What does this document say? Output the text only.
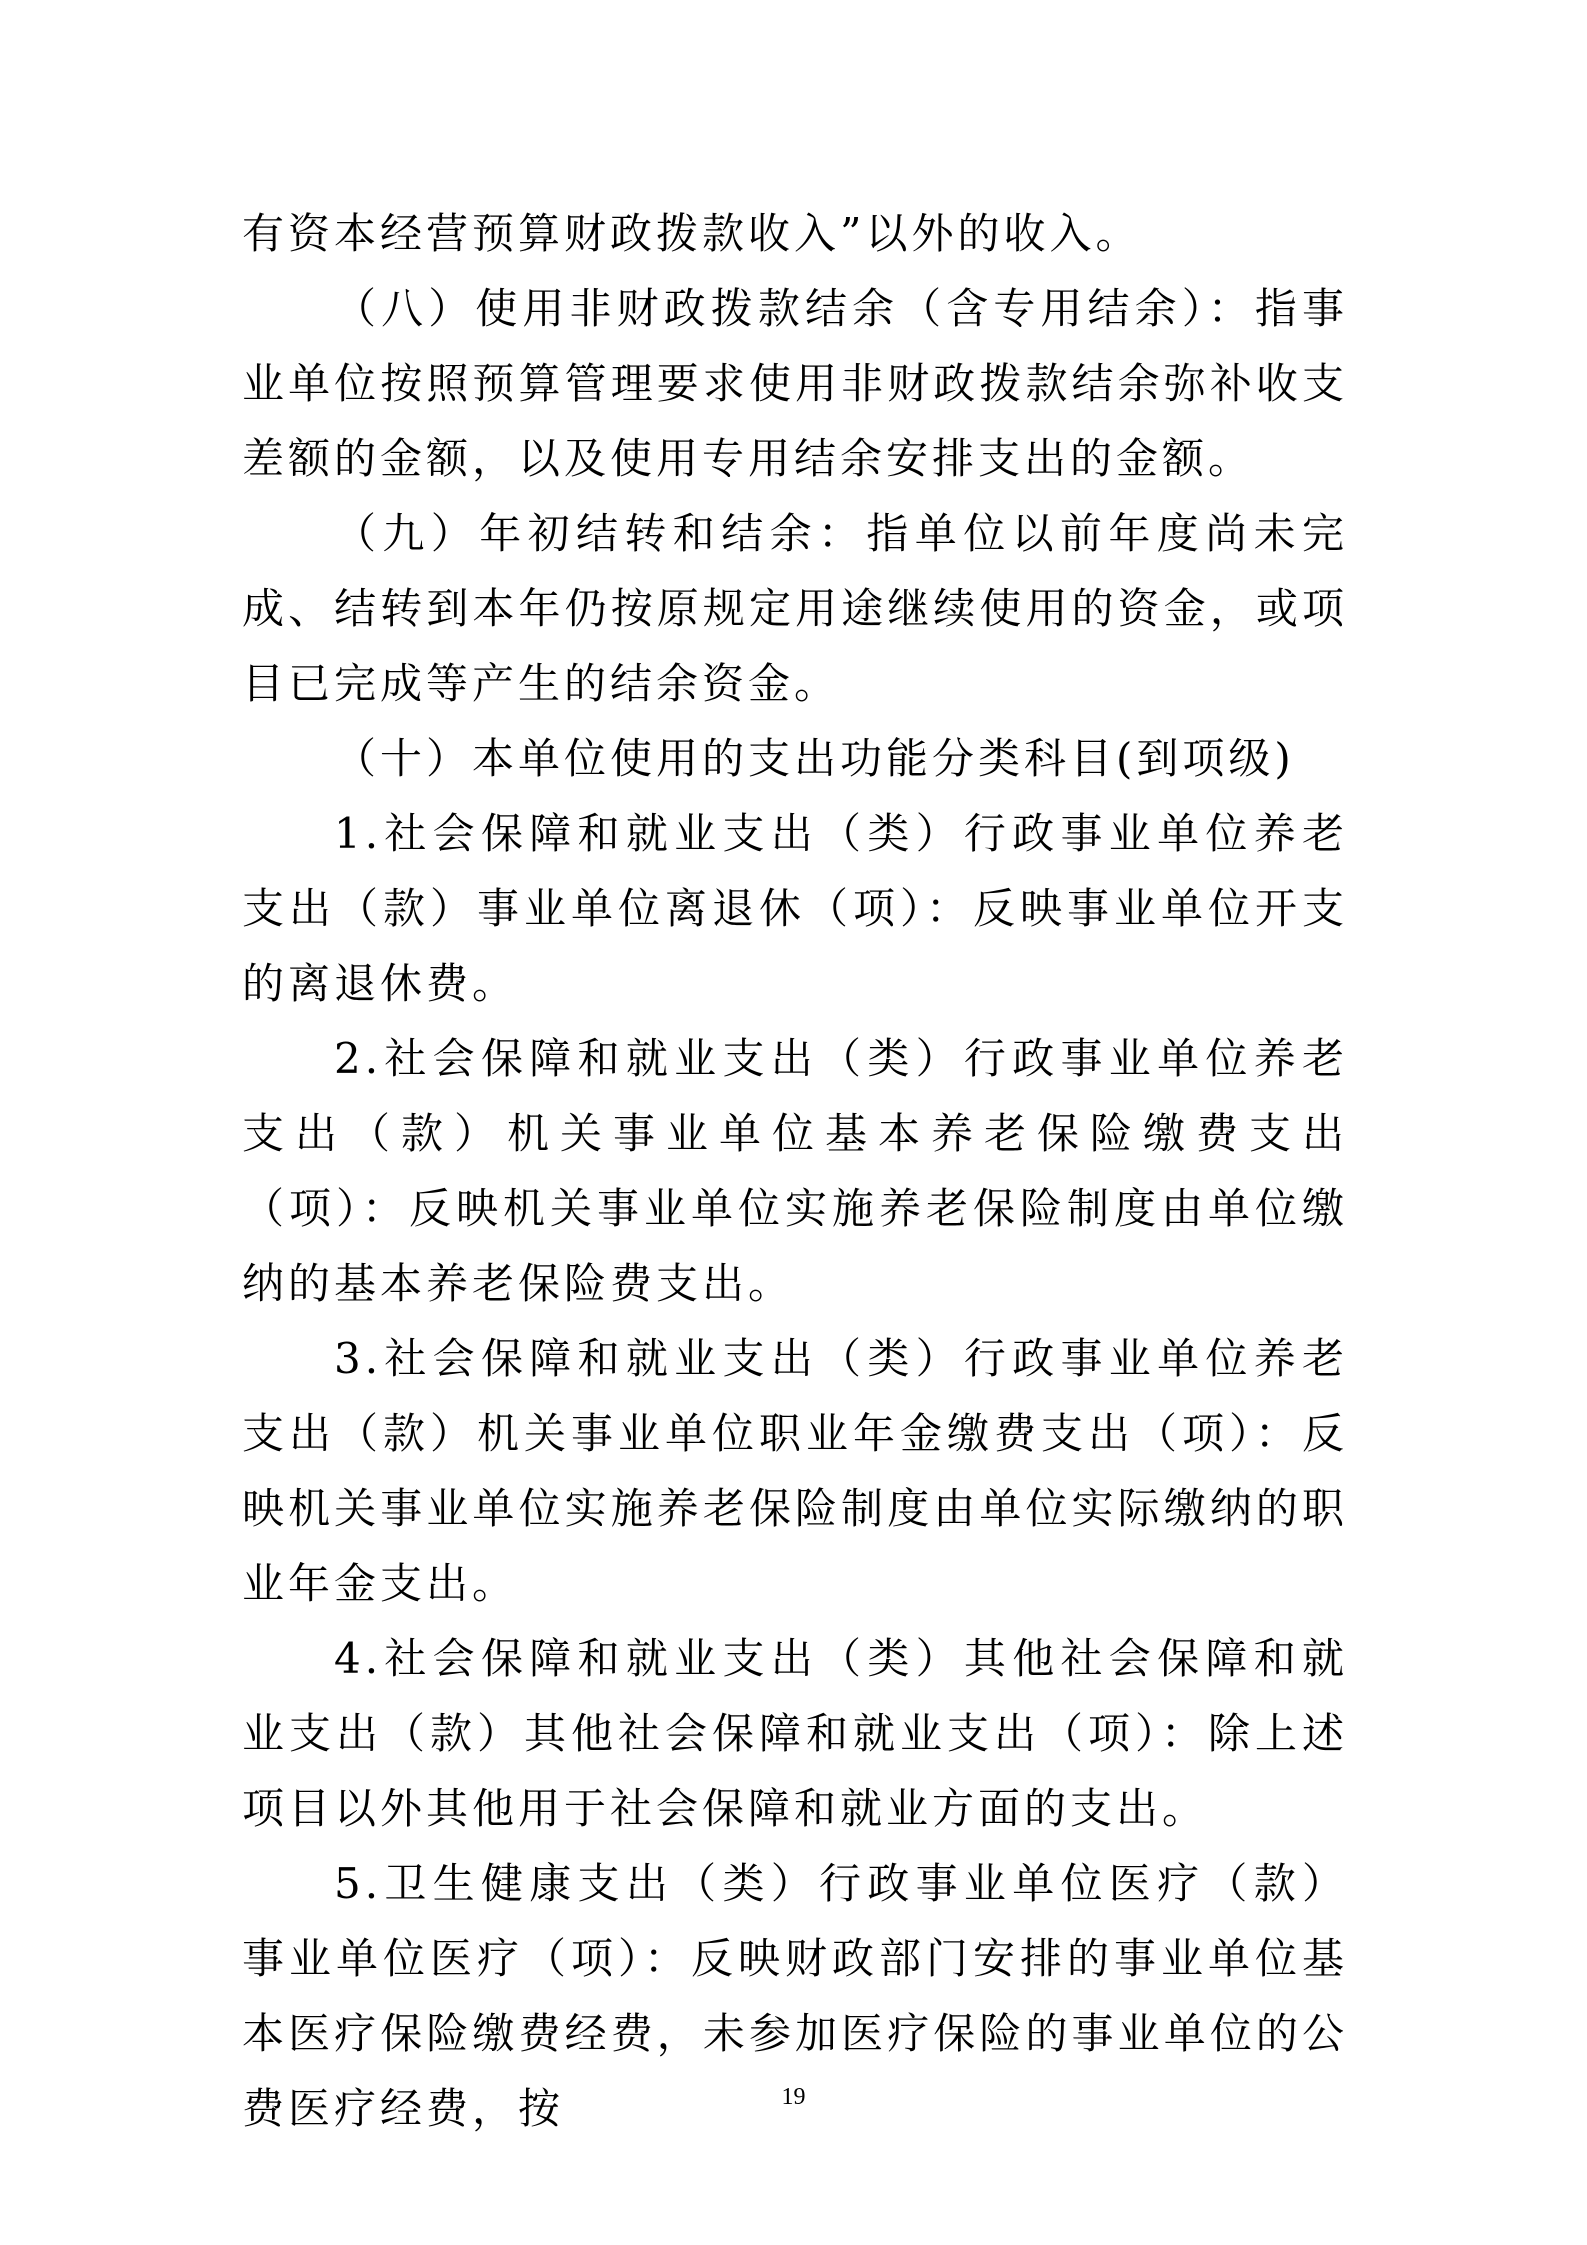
有资本经营预算财政拨款收入”以外的收入。

（八）使用非财政拨款结余（含专用结余）：指事业单位按照预算管理要求使用非财政拨款结余弥补收支差额的金额，以及使用专用结余安排支出的金额。

（九）年初结转和结余：指单位以前年度尚未完成、结转到本年仍按原规定用途继续使用的资金，或项目已完成等产生的结余资金。

（十）本单位使用的支出功能分类科目(到项级)

1.社会保障和就业支出（类）行政事业单位养老支出（款）事业单位离退休（项）：反映事业单位开支的离退休费。

2.社会保障和就业支出（类）行政事业单位养老支出（款）机关事业单位基本养老保险缴费支出（项）：反映机关事业单位实施养老保险制度由单位缴纳的基本养老保险费支出。

3.社会保障和就业支出（类）行政事业单位养老支出（款）机关事业单位职业年金缴费支出（项）：反映机关事业单位实施养老保险制度由单位实际缴纳的职业年金支出。

4.社会保障和就业支出（类）其他社会保障和就业支出（款）其他社会保障和就业支出（项）：除上述项目以外其他用于社会保障和就业方面的支出。

5.卫生健康支出（类）行政事业单位医疗（款）事业单位医疗（项）：反映财政部门安排的事业单位基本医疗保险缴费经费，未参加医疗保险的事业单位的公费医疗经费，按	19
